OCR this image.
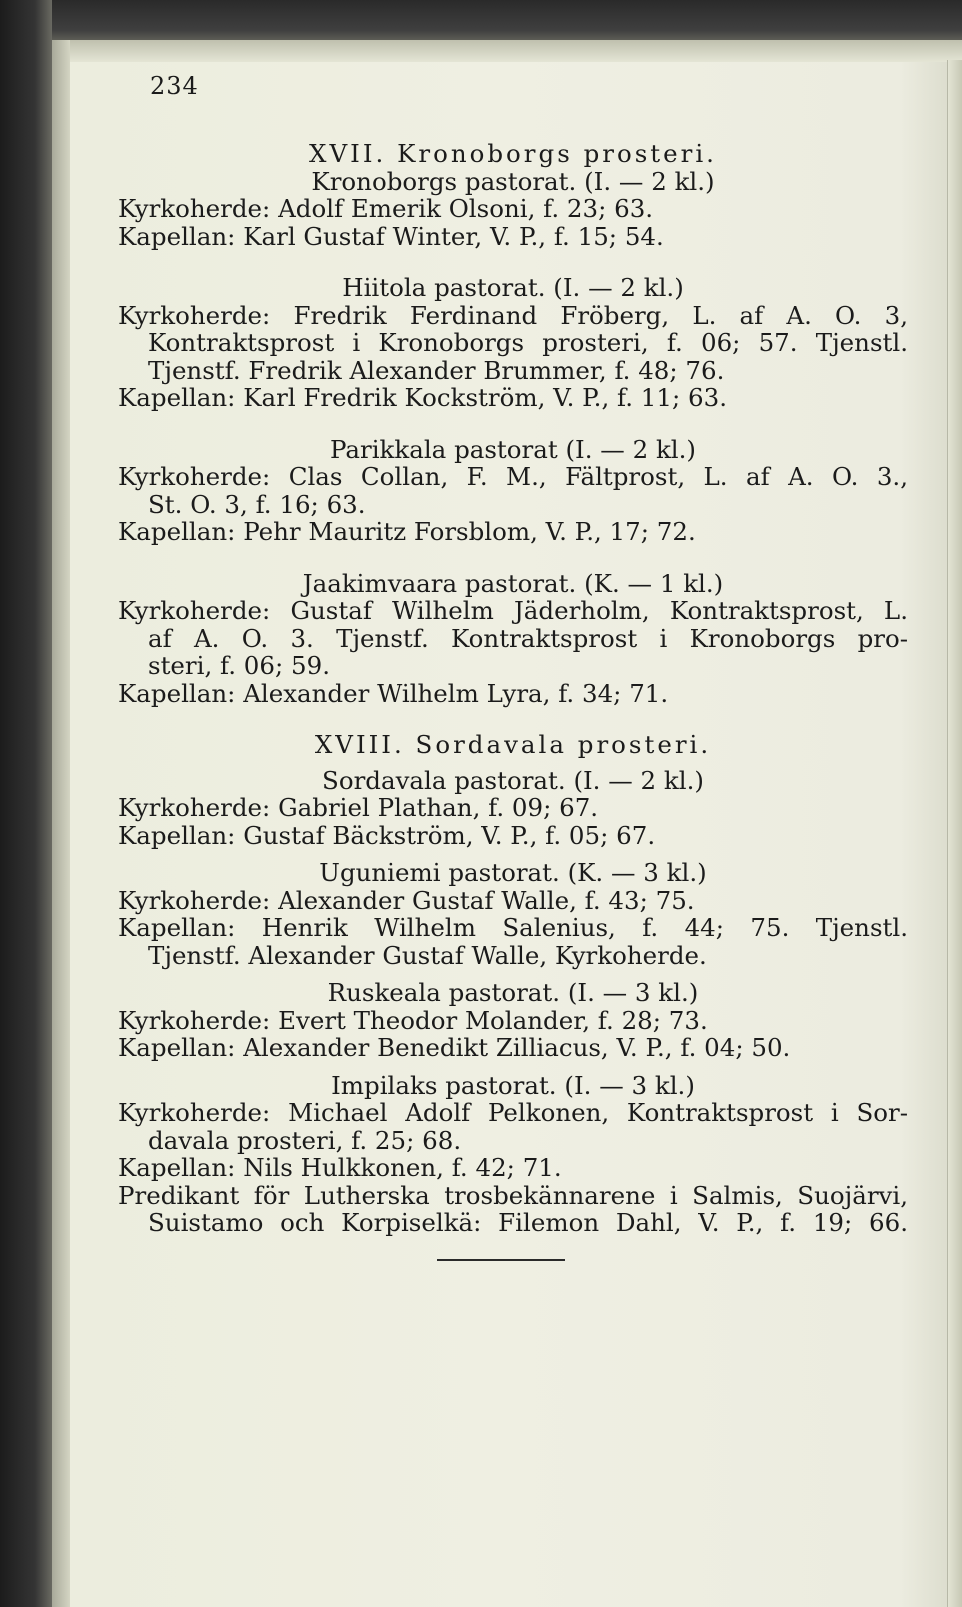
234
XVII. Kronoborgs prosteri.
Kronoborgs pastorat. (I. — 2 kl.)
Kyrkoherde: Adolf Emerik Olsoni, f. 23; 63.
Kapellan: Karl Gustaf Winter, V. P., f. 15; 54.
Hiitola pastorat. (I. — 2 kl.)
Kyrkoherde: Fredrik Ferdinand Fröberg, L. af A. O. 3,
Kontraktsprost i Kronoborgs prosteri, f. 06; 57. Tjenstl.
Tjenstf. Fredrik Alexander Brummer, f. 48; 76.
Kapellan: Karl Fredrik Kockström, V. P., f. 11; 63.
Parikkala pastorat (I. — 2 kl.)
Kyrkoherde: Clas Collan, F. M., Fältprost, L. af A. O. 3.,
St. O. 3, f. 16; 63.
Kapellan: Pehr Mauritz Forsblom, V. P., 17; 72.
Jaakimvaara pastorat. (K. — 1 kl.)
Kyrkoherde: Gustaf Wilhelm Jäderholm, Kontraktsprost, L.
af A. O. 3. Tjenstf. Kontraktsprost i Kronoborgs pro-
steri, f. 06; 59.
Kapellan: Alexander Wilhelm Lyra, f. 34; 71.
XVIII. Sordavala prosteri.
Sordavala pastorat. (I. — 2 kl.)
Kyrkoherde: Gabriel Plathan, f. 09; 67.
Kapellan: Gustaf Bäckström, V. P., f. 05; 67.
Uguniemi pastorat. (K. — 3 kl.)
Kyrkoherde: Alexander Gustaf Walle, f. 43; 75.
Kapellan: Henrik Wilhelm Salenius, f. 44; 75. Tjenstl.
Tjenstf. Alexander Gustaf Walle, Kyrkoherde.
Ruskeala pastorat. (I. — 3 kl.)
Kyrkoherde: Evert Theodor Molander, f. 28; 73.
Kapellan: Alexander Benedikt Zilliacus, V. P., f. 04; 50.
Impilaks pastorat. (I. — 3 kl.)
Kyrkoherde: Michael Adolf Pelkonen, Kontraktsprost i Sor-
davala prosteri, f. 25; 68.
Kapellan: Nils Hulkkonen, f. 42; 71.
Predikant för Lutherska trosbekännarene i Salmis, Suojärvi,
Suistamo och Korpiselkä: Filemon Dahl, V. P., f. 19; 66.
